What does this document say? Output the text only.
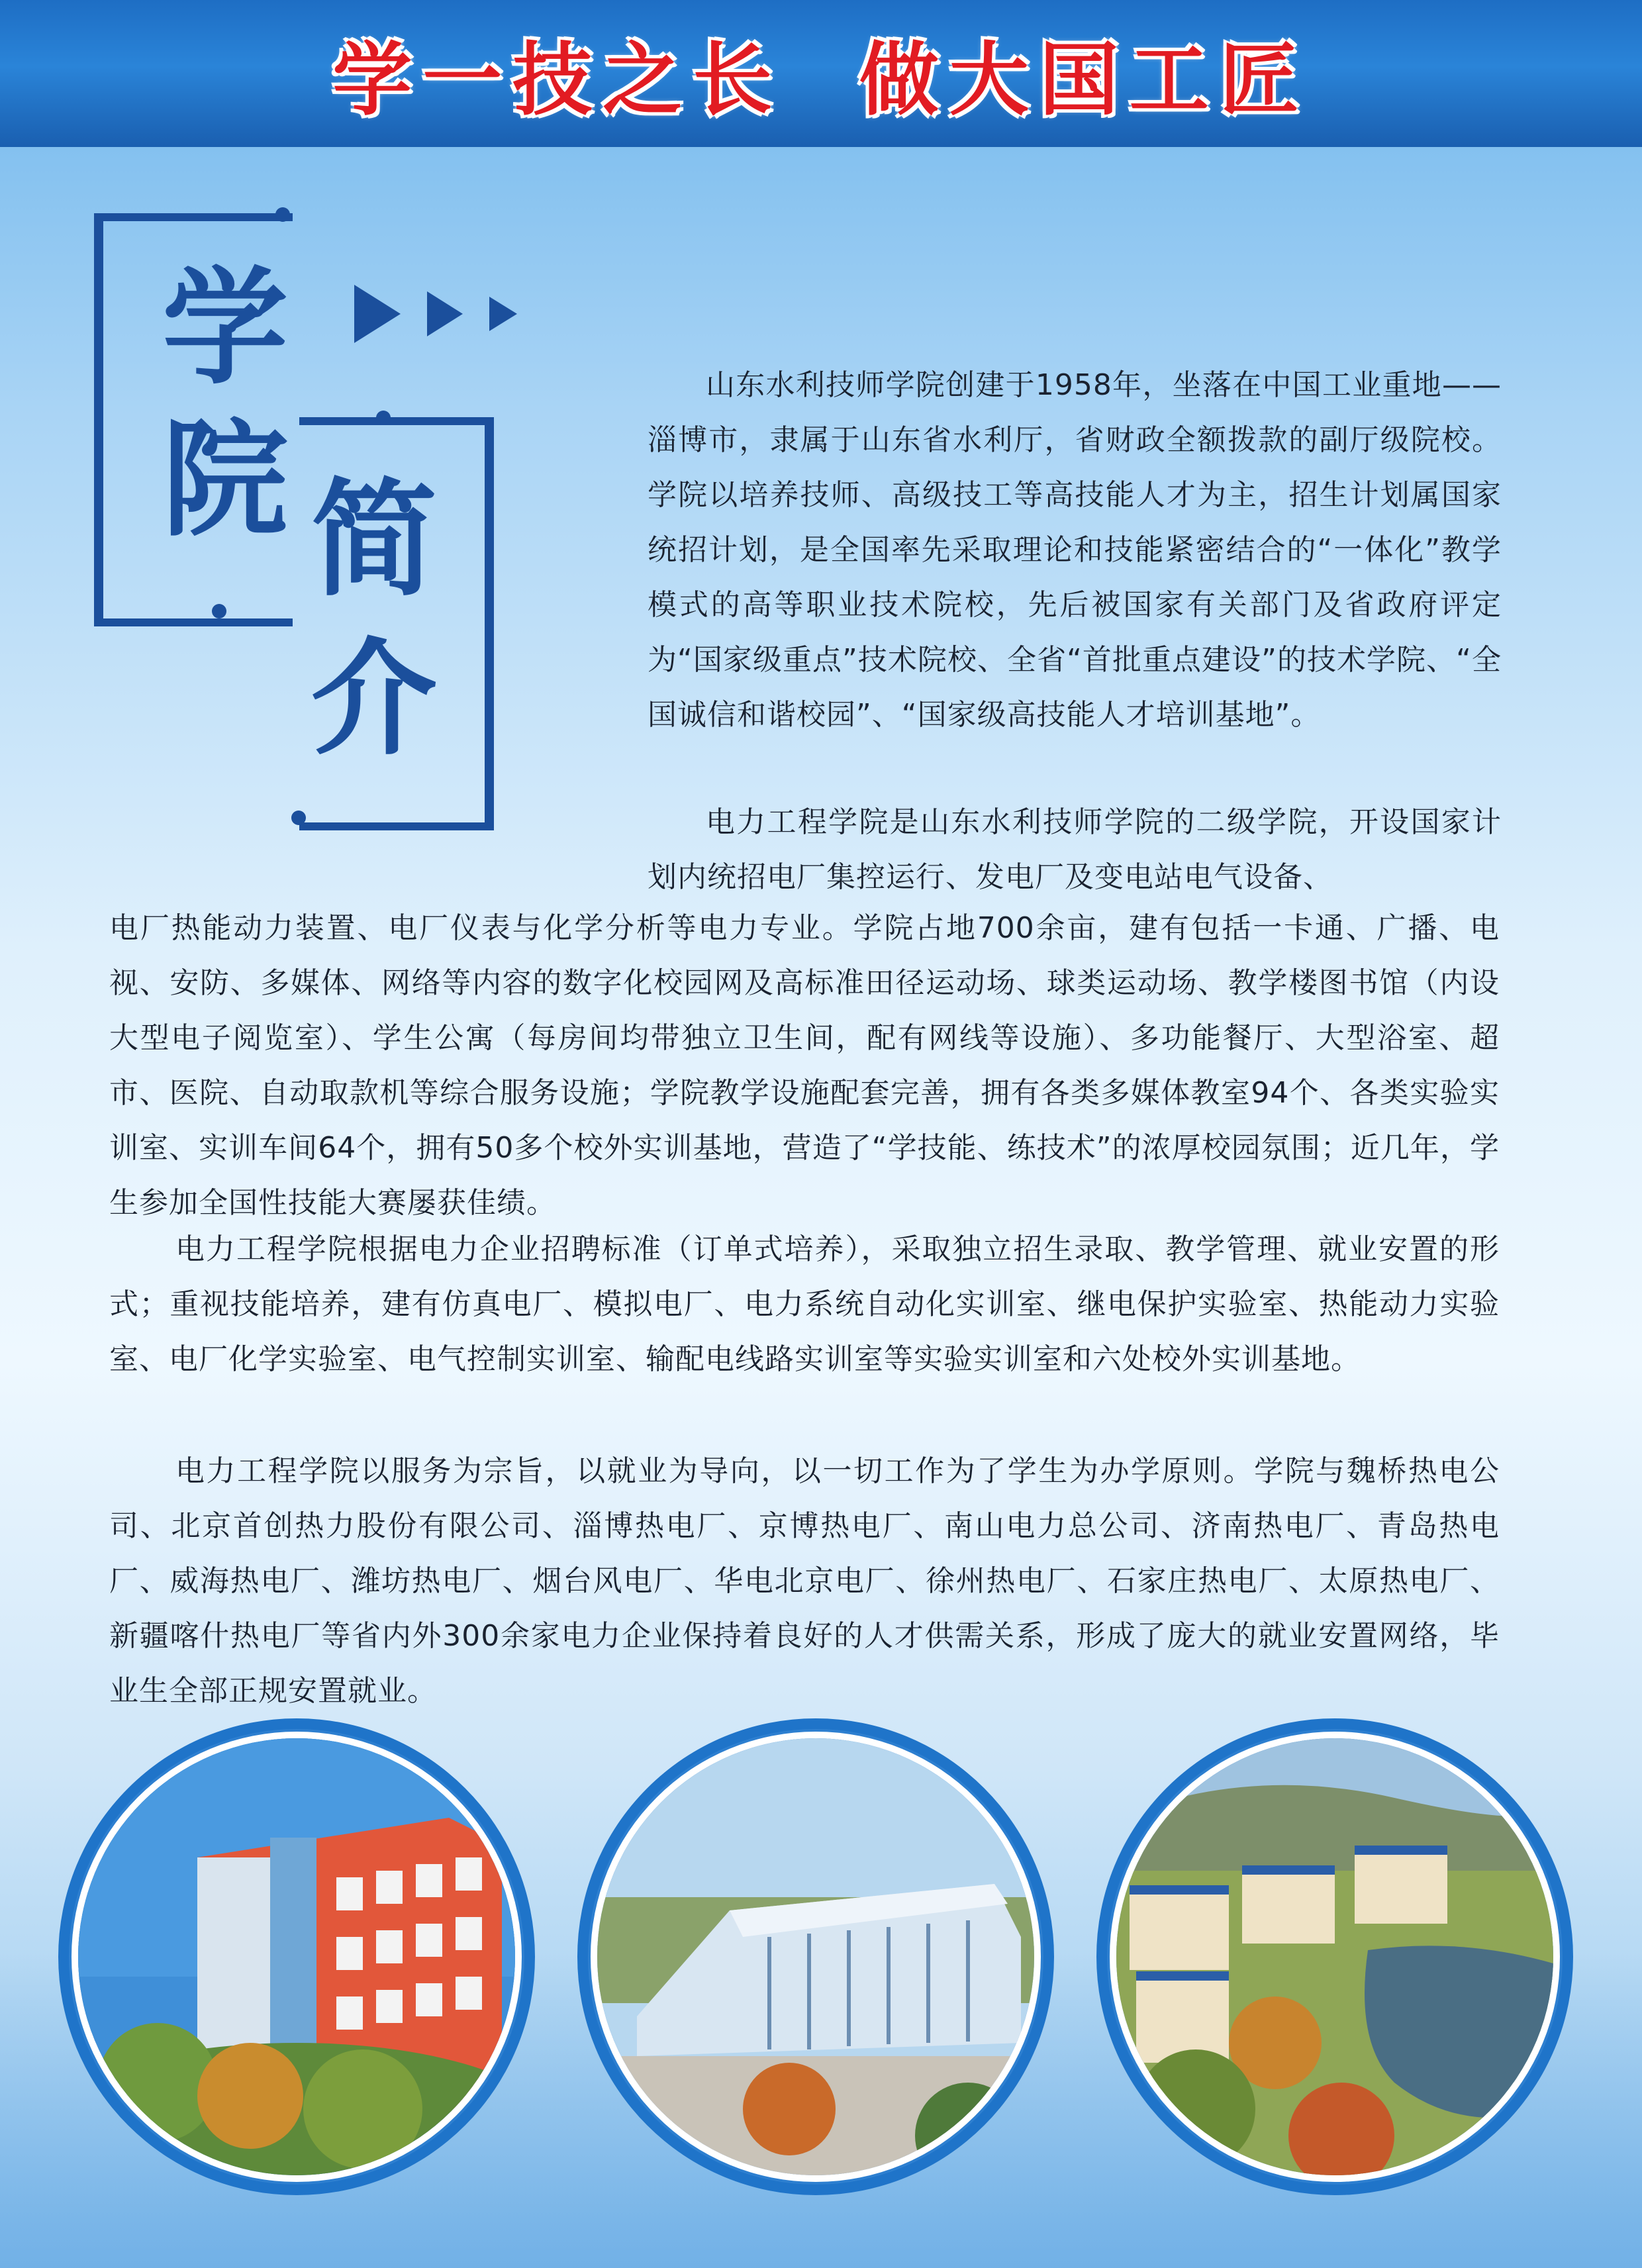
学一技之长  做大国工匠
学
院 简
介

山东水利技师学院创建于1958年，坐落在中国工业重地——淄博市，隶属于山东省水利厅，省财政全额拨款的副厅级院校。学院以培养技师、高级技工等高技能人才为主，招生计划属国家统招计划，是全国率先采取理论和技能紧密结合的“一体化”教学模式的高等职业技术院校，先后被国家有关部门及省政府评定为“国家级重点”技术院校、全省“首批重点建设”的技术学院、“全国诚信和谐校园”、“国家级高技能人才培训基地”。

电力工程学院是山东水利技师学院的二级学院，开设国家计划内统招电厂集控运行、发电厂及变电站电气设备、

电厂热能动力装置、电厂仪表与化学分析等电力专业。学院占地700余亩，建有包括一卡通、广播、电视、安防、多媒体、网络等内容的数字化校园网及高标准田径运动场、球类运动场、教学楼图书馆（内设大型电子阅览室）、学生公寓（每房间均带独立卫生间，配有网线等设施）、多功能餐厅、大型浴室、超市、医院、自动取款机等综合服务设施；学院教学设施配套完善，拥有各类多媒体教室94个、各类实验实训室、实训车间64个，拥有50多个校外实训基地，营造了“学技能、练技术”的浓厚校园氛围；近几年，学生参加全国性技能大赛屡获佳绩。

电力工程学院根据电力企业招聘标准（订单式培养），采取独立招生录取、教学管理、就业安置的形式；重视技能培养，建有仿真电厂、模拟电厂、电力系统自动化实训室、继电保护实验室、热能动力实验室、电厂化学实验室、电气控制实训室、输配电线路实训室等实验实训室和六处校外实训基地。

电力工程学院以服务为宗旨，以就业为导向，以一切工作为了学生为办学原则。学院与魏桥热电公司、北京首创热力股份有限公司、淄博热电厂、京博热电厂、南山电力总公司、济南热电厂、青岛热电厂、威海热电厂、潍坊热电厂、烟台风电厂、华电北京电厂、徐州热电厂、石家庄热电厂、太原热电厂、新疆喀什热电厂等省内外300余家电力企业保持着良好的人才供需关系，形成了庞大的就业安置网络，毕业生全部正规安置就业。
